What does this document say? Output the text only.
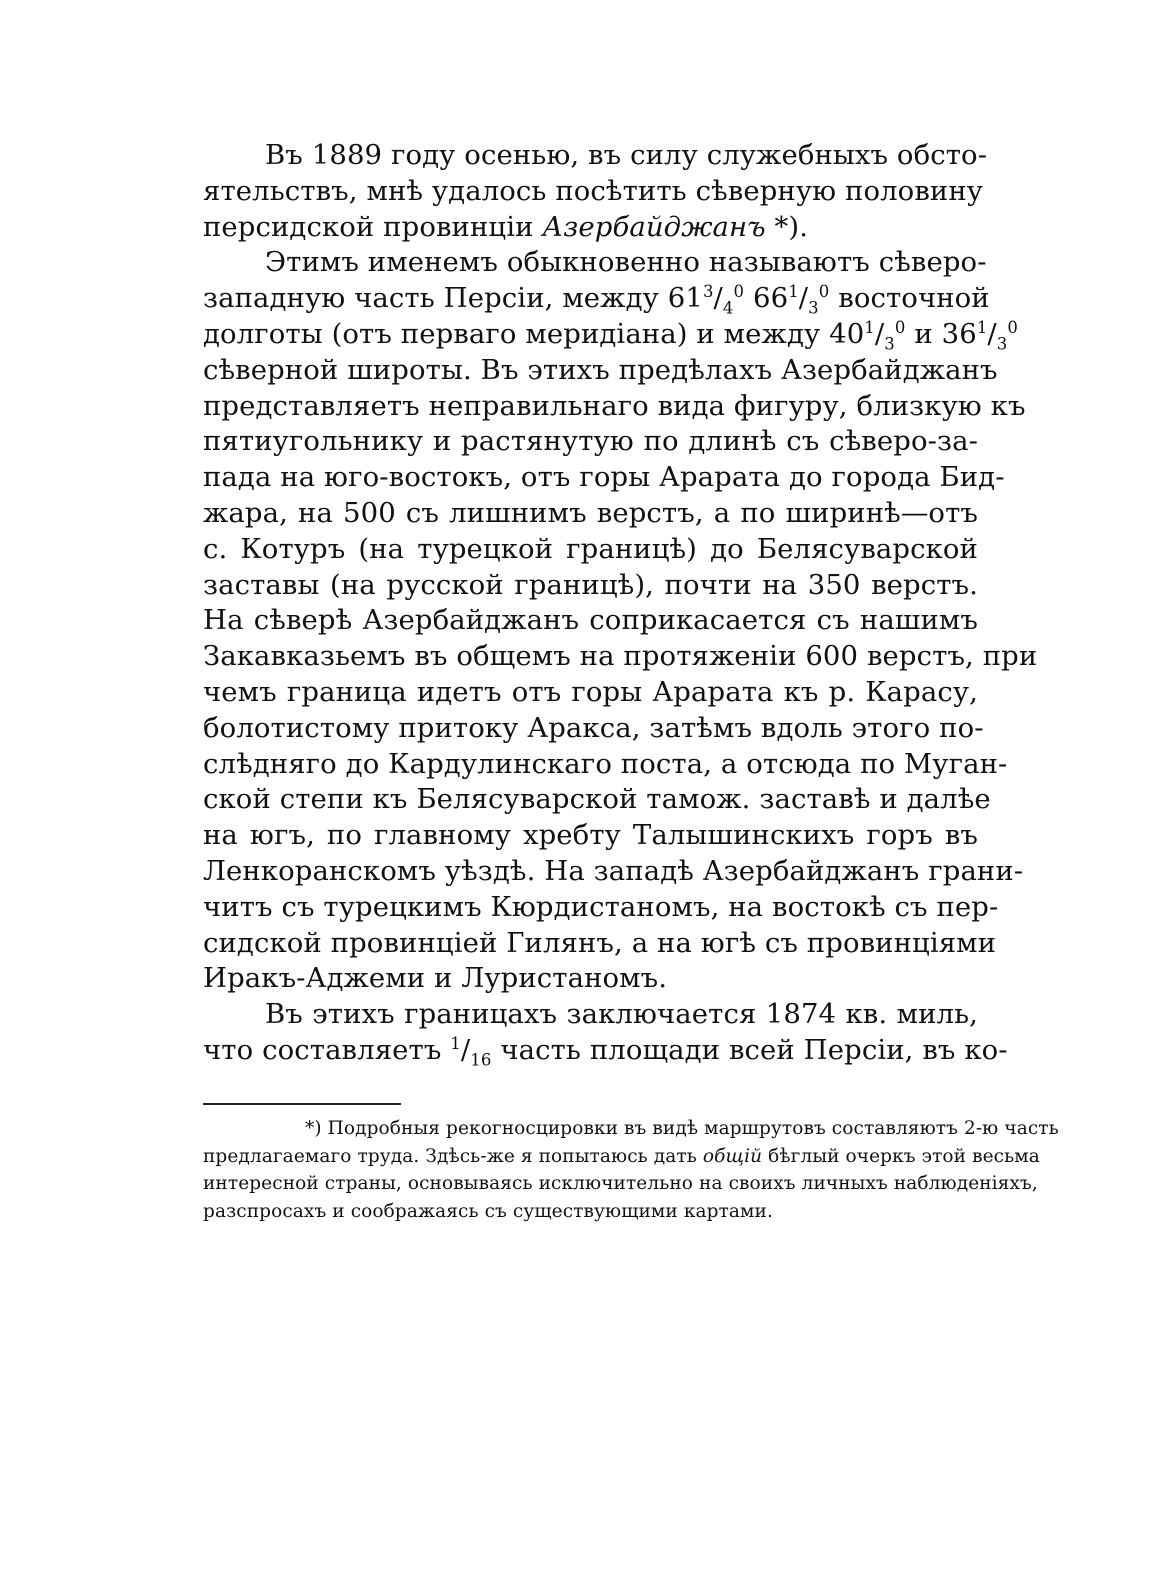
Въ 1889 году осенью, въ силу служебныхъ обсто-
ятельствъ, мнѣ удалось посѣтить сѣверную половину
персидской провинціи Азербайджанъ *).
Этимъ именемъ обыкновенно называютъ сѣверо-
западную часть Персіи, между $61^3/_4^0$ $66^1/_3^0$ восточной
долготы (отъ перваго меридіана) и между $40^1/_3^0$ и $36^1/_3^0$
сѣверной широты. Въ этихъ предѣлахъ Азербайджанъ
представляетъ неправильнаго вида фигуру, близкую къ
пятиугольнику и растянутую по длинѣ съ сѣверо-за-
пада на юго-востокъ, отъ горы Арарата до города Бид-
жара, на 500 съ лишнимъ верстъ, а по ширинѣ—отъ
с. Котуръ (на турецкой границѣ) до Белясуварской
заставы (на русской границѣ), почти на 350 верстъ.
На сѣверѣ Азербайджанъ соприкасается съ нашимъ
Закавказьемъ въ общемъ на протяженіи 600 верстъ, при
чемъ граница идетъ отъ горы Арарата къ р. Карасу,
болотистому притоку Аракса, затѣмъ вдоль этого по-
слѣдняго до Кардулинскаго поста, а отсюда по Муган-
ской степи къ Белясуварской тамож. заставѣ и далѣе
на югъ, по главному хребту Талышинскихъ горъ въ
Ленкоранскомъ уѣздѣ. На западѣ Азербайджанъ грани-
читъ съ турецкимъ Кюрдистаномъ, на востокѣ съ пер-
сидской провинціей Гилянъ, а на югѣ съ провинціями
Иракъ-Аджеми и Луристаномъ.
Въ этихъ границахъ заключается 1874 кв. миль,
что составляетъ $^1/_{16}$ часть площади всей Персіи, въ ко-
*) Подробныя рекогносцировки въ видѣ маршрутовъ составляютъ 2-ю часть
предлагаемаго труда. Здѣсь-же я попытаюсь дать общій бѣглый очеркъ этой весьма
интересной страны, основываясь исключительно на своихъ личныхъ наблюденіяхъ,
разспросахъ и соображаясь съ существующими картами.
